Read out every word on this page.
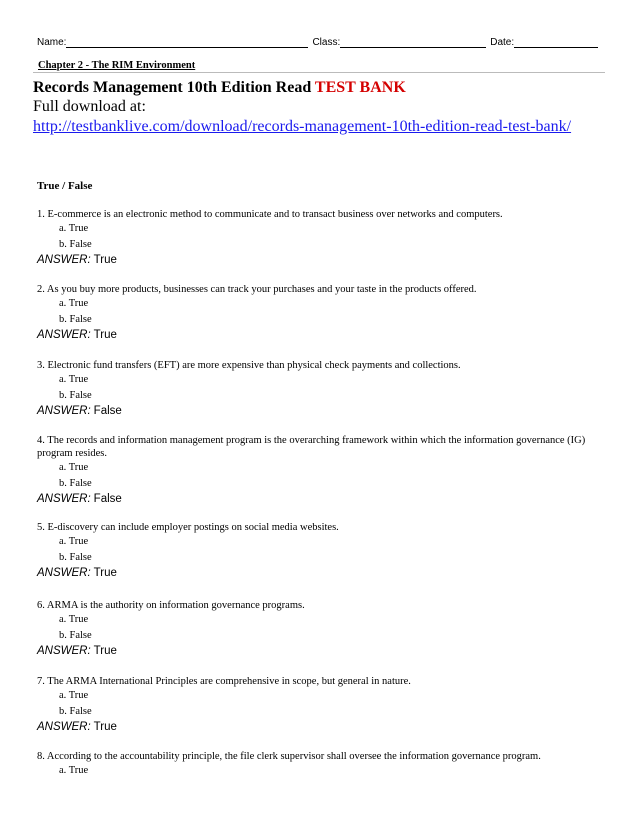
Name:	Class:	Date:
Chapter 2 - The RIM Environment
Records Management 10th Edition Read TEST BANK
Full download at:
http://testbanklive.com/download/records-management-10th-edition-read-test-bank/
True / False
1. E-commerce is an electronic method to communicate and to transact business over networks and computers.
a. True
b. False
ANSWER: True
2. As you buy more products, businesses can track your purchases and your taste in the products offered.
a. True
b. False
ANSWER: True
3. Electronic fund transfers (EFT) are more expensive than physical check payments and collections.
a. True
b. False
ANSWER: False
4. The records and information management program is the overarching framework within which the information governance (IG) program resides.
a. True
b. False
ANSWER: False
5. E-discovery can include employer postings on social media websites.
a. True
b. False
ANSWER: True
6. ARMA is the authority on information governance programs.
a. True
b. False
ANSWER: True
7. The ARMA International Principles are comprehensive in scope, but general in nature.
a. True
b. False
ANSWER: True
8. According to the accountability principle, the file clerk supervisor shall oversee the information governance program.
a. True
